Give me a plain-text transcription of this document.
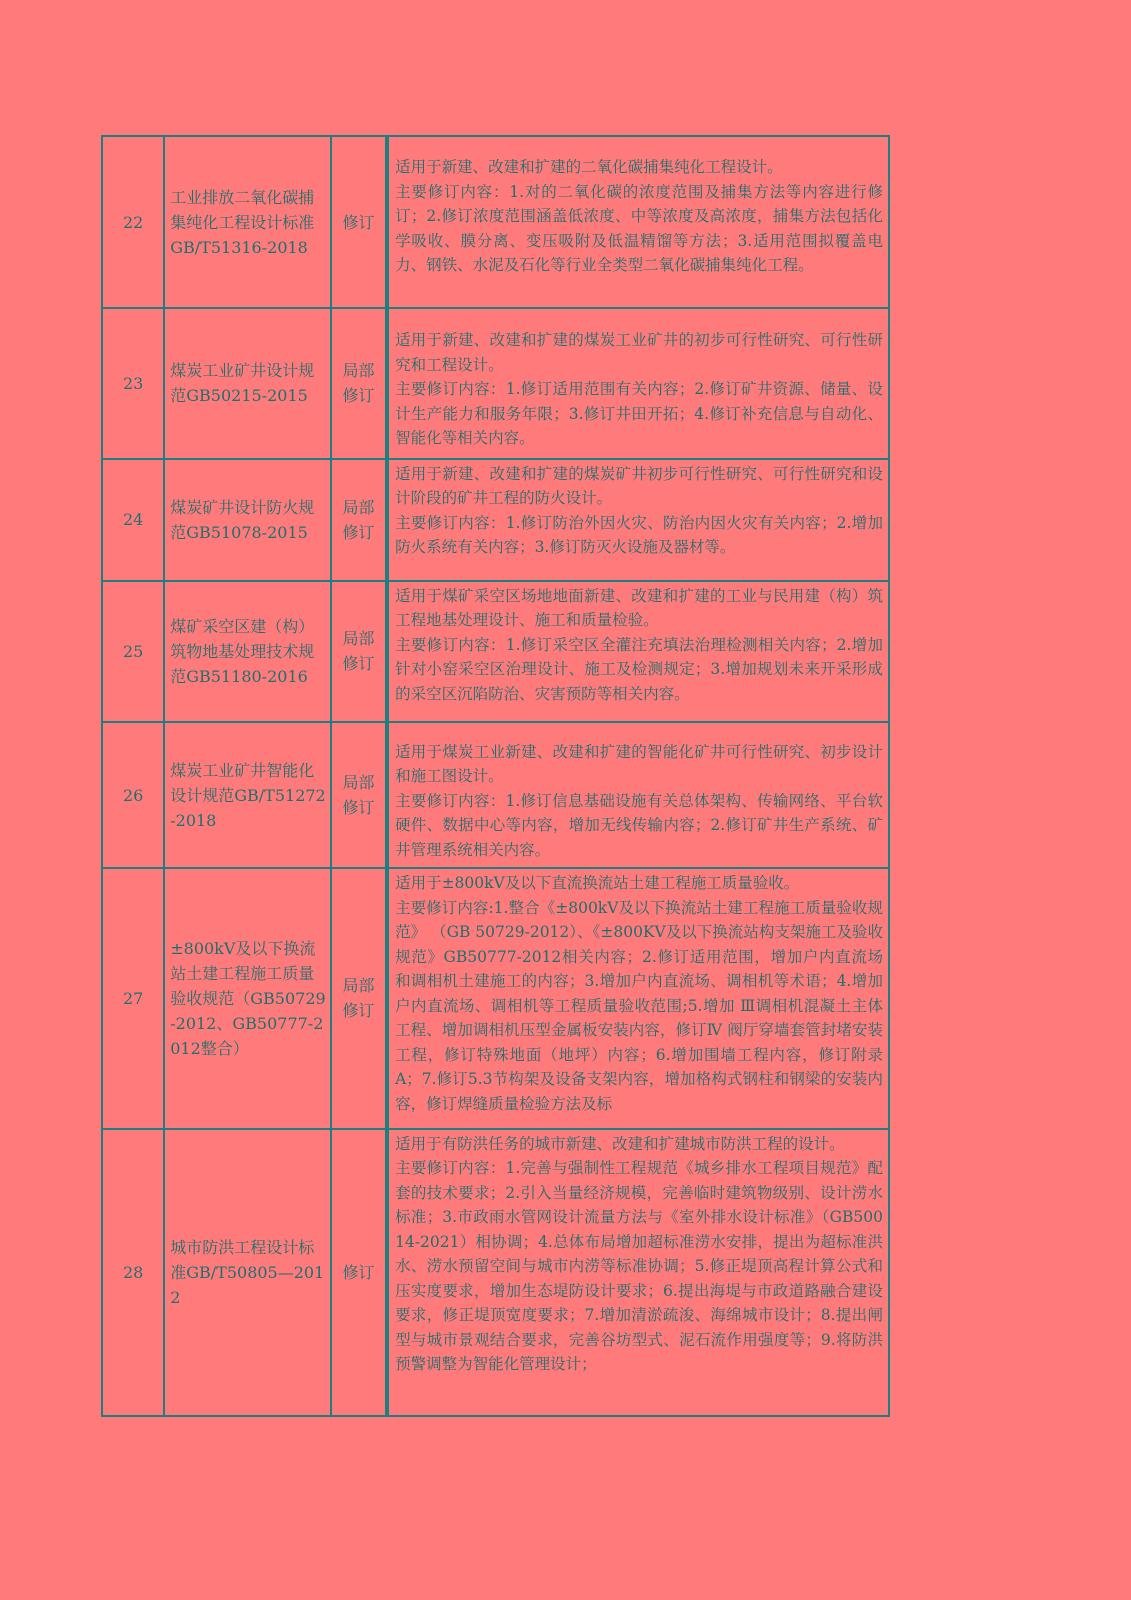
22	工业排放二氧化碳捕集纯化工程设计标准GB/T51316-2018	修订	适用于新建、改建和扩建的二氧化碳捕集纯化工程设计。

主要修订内容：1.对的二氧化碳的浓度范围及捕集方法等内容进行修订；2.修订浓度范围涵盖低浓度、中等浓度及高浓度，捕集方法包括化学吸收、膜分离、变压吸附及低温精馏等方法；3.适用范围拟覆盖电力、钢铁、水泥及石化等行业全类型二氧化碳捕集纯化工程。

23	煤炭工业矿井设计规范GB50215-2015	局部修订	适用于新建、改建和扩建的煤炭工业矿井的初步可行性研究、可行性研究和工程设计。

主要修订内容：1.修订适用范围有关内容；2.修订矿井资源、储量、设计生产能力和服务年限；3.修订井田开拓；4.修订补充信息与自动化、智能化等相关内容。

24	煤炭矿井设计防火规范GB51078-2015	局部修订	适用于新建、改建和扩建的煤炭矿井初步可行性研究、可行性研究和设计阶段的矿井工程的防火设计。

主要修订内容：1.修订防治外因火灾、防治内因火灾有关内容；2.增加防火系统有关内容；3.修订防灭火设施及器材等。

25	煤矿采空区建（构）筑物地基处理技术规范GB51180-2016	局部修订	适用于煤矿采空区场地地面新建、改建和扩建的工业与民用建（构）筑工程地基处理设计、施工和质量检验。

主要修订内容：1.修订采空区全灌注充填法治理检测相关内容；2.增加针对小窑采空区治理设计、施工及检测规定；3.增加规划未来开采形成的采空区沉陷防治、灾害预防等相关内容。

26	煤炭工业矿井智能化设计规范GB/T51272-2018	局部修订	适用于煤炭工业新建、改建和扩建的智能化矿井可行性研究、初步设计和施工图设计。

主要修订内容：1.修订信息基础设施有关总体架构、传输网络、平台软硬件、数据中心等内容，增加无线传输内容；2.修订矿井生产系统、矿井管理系统相关内容。

27	±800kV及以下换流站土建工程施工质量验收规范（GB50729-2012、GB50777-2012整合）	局部修订	适用于±800kV及以下直流换流站土建工程施工质量验收。

主要修订内容:1.整合《±800kV及以下换流站土建工程施工质量验收规范》 （GB 50729-2012）、《±800KV及以下换流站构支架施工及验收规范》GB50777-2012相关内容；2.修订适用范围，增加户内直流场和调相机土建施工的内容；3.增加户内直流场、调相机等术语；4.增加户内直流场、调相机等工程质量验收范围;5.增加 Ⅲ调相机混凝土主体工程、增加调相机压型金属板安装内容，修订Ⅳ 阀厅穿墙套管封堵安装工程，修订特殊地面（地坪）内容；6.增加围墙工程内容，修订附录A；7.修订5.3节构架及设备支架内容，增加格构式钢柱和钢梁的安装内容，修订焊缝质量检验方法及标

28	城市防洪工程设计标准GB/T50805—2012	修订	适用于有防洪任务的城市新建、改建和扩建城市防洪工程的设计。

主要修订内容：1.完善与强制性工程规范《城乡排水工程项目规范》配套的技术要求；2.引入当量经济规模，完善临时建筑物级别、设计涝水标准；3.市政雨水管网设计流量方法与《室外排水设计标准》（GB50014-2021）相协调；4.总体布局增加超标准涝水安排，提出为超标准洪水、涝水预留空间与城市内涝等标准协调；5.修正堤顶高程计算公式和压实度要求，增加生态堤防设计要求；6.提出海堤与市政道路融合建设要求，修正堤顶宽度要求；7.增加清淤疏浚、海绵城市设计；8.提出闸型与城市景观结合要求，完善谷坊型式、泥石流作用强度等；9.将防洪预警调整为智能化管理设计；
